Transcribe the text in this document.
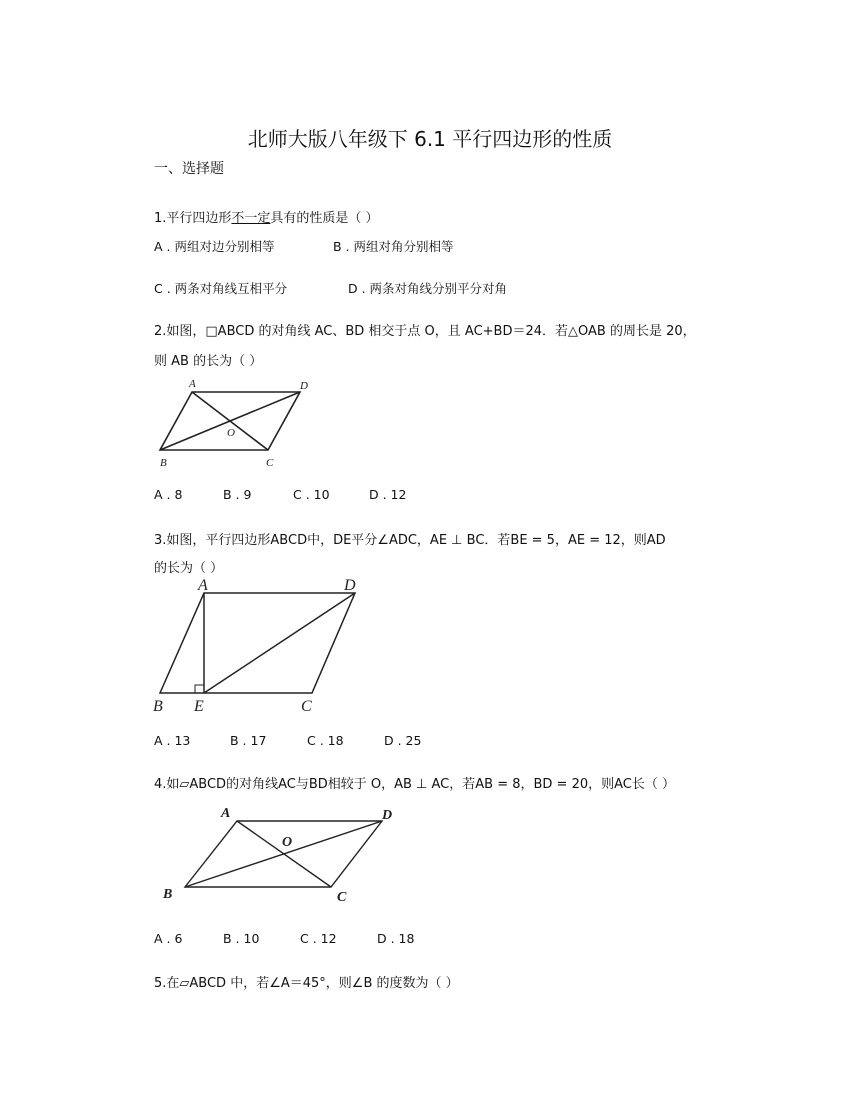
北师大版八年级下 6.1 平行四边形的性质
一、选择题
1.平行四边形不一定具有的性质是（ ）
A . 两组对边分别相等	B . 两组对角分别相等
C . 两条对角线互相平分	D . 两条对角线分别平分对角
2.如图，□ABCD 的对角线 AC、BD 相交于点 O，且 AC+BD＝24．若△OAB 的周长是 20，
则 AB 的长为（ ）
A	D
O
B	C
A . 8	B . 9	C . 10	D . 12
3.如图，平行四边形ABCD中，DE平分∠ADC，AE ⊥ BC．若BE = 5，AE = 12，则AD
的长为（ ）
A	D
B E	C
A . 13	B . 17	C . 18	D . 25
4.如▱ABCD的对角线AC与BD相较于 O，AB ⊥ AC，若AB = 8，BD = 20，则AC长（ ）
A	D
O
B	C
A . 6	B . 10	C . 12	D . 18
5.在▱ABCD 中，若∠A＝45°，则∠B 的度数为（ ）
